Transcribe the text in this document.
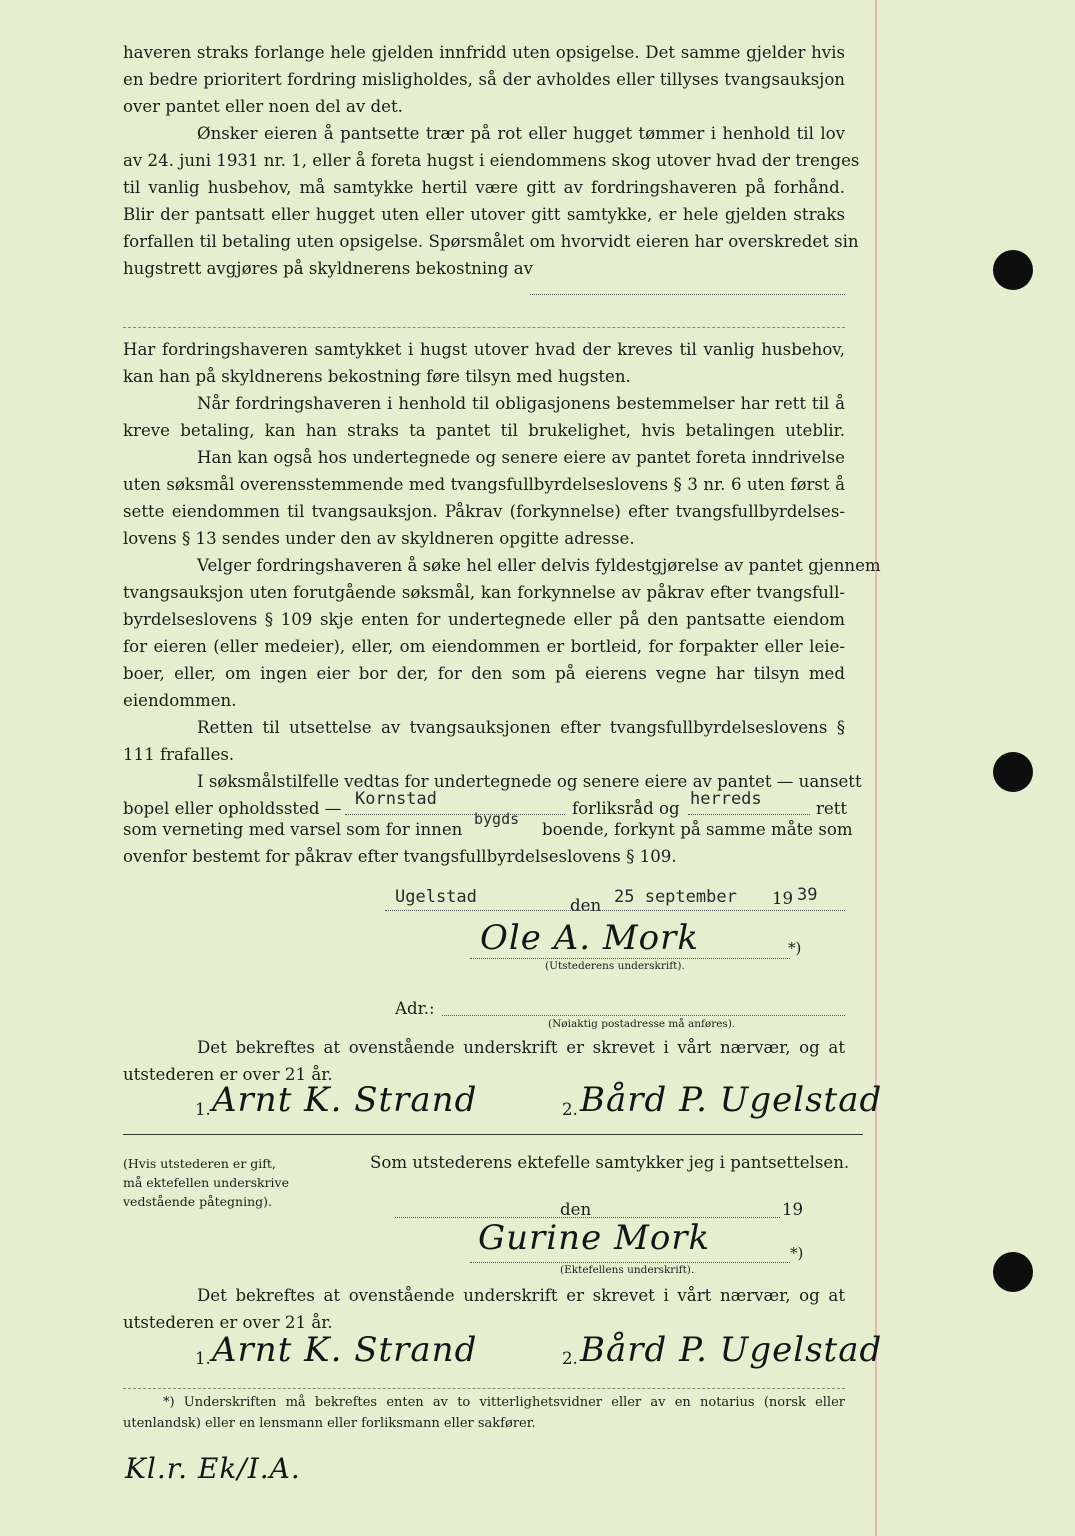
haveren straks forlange hele gjelden innfridd uten opsigelse. Det samme gjelder hvis
en bedre prioritert fordring misligholdes, så der avholdes eller tillyses tvangsauksjon
over pantet eller noen del av det.
Ønsker eieren å pantsette trær på rot eller hugget tømmer i henhold til lov
av 24. juni 1931 nr. 1, eller å foreta hugst i eiendommens skog utover hvad der trenges
til vanlig husbehov, må samtykke hertil være gitt av fordringshaveren på forhånd.
Blir der pantsatt eller hugget uten eller utover gitt samtykke, er hele gjelden straks
forfallen til betaling uten opsigelse. Spørsmålet om hvorvidt eieren har overskredet sin
hugstrett avgjøres på skyldnerens bekostning av
Har fordringshaveren samtykket i hugst utover hvad der kreves til vanlig husbehov,
kan han på skyldnerens bekostning føre tilsyn med hugsten.
Når fordringshaveren i henhold til obligasjonens bestemmelser har rett til å
kreve betaling, kan han straks ta pantet til brukelighet, hvis betalingen uteblir.
Han kan også hos undertegnede og senere eiere av pantet foreta inndrivelse
uten søksmål overensstemmende med tvangsfullbyrdelseslovens § 3 nr. 6 uten først å
sette eiendommen til tvangsauksjon. Påkrav (forkynnelse) efter tvangsfullbyrdelses-
lovens § 13 sendes under den av skyldneren opgitte adresse.
Velger fordringshaveren å søke hel eller delvis fyldestgjørelse av pantet gjennem
tvangsauksjon uten forutgående søksmål, kan forkynnelse av påkrav efter tvangsfull-
byrdelseslovens § 109 skje enten for undertegnede eller på den pantsatte eiendom
for eieren (eller medeier), eller, om eiendommen er bortleid, for forpakter eller leie-
boer, eller, om ingen eier bor der, for den som på eierens vegne har tilsyn med
eiendommen.
Retten til utsettelse av tvangsauksjonen efter tvangsfullbyrdelseslovens §
111 frafalles.
I søksmålstilfelle vedtas for undertegnede og senere eiere av pantet — uansett
bopel eller opholdssted — Kornstad	forliksråd og herreds	rett
som verneting med varsel som for innen
bygds
boende, forkynt på samme måte som
ovenfor bestemt for påkrav efter tvangsfullbyrdelseslovens § 109.
Ugelstad	den 25 september 19 39
Ole A. Mork	*)
(Utstederens underskrift).
Adr.:
(Nøiaktig postadresse må anføres).
Det bekreftes at ovenstående underskrift er skrevet i vårt nærvær, og at
utstederen er over 21 år.
1. Arnt K. Strand	2. Bård P. Ugelstad
(Hvis utstederen er gift,
må ektefellen underskrive
vedstående påtegning).
Som utstederens ektefelle samtykker jeg i pantsettelsen.
den	19
Gurine Mork	*)
(Ektefellens underskrift).
Det bekreftes at ovenstående underskrift er skrevet i vårt nærvær, og at
utstederen er over 21 år.
1. Arnt K. Strand	2. Bård P. Ugelstad
*) Underskriften må bekreftes enten av to vitterlighetsvidner eller av en notarius (norsk eller
utenlandsk) eller en lensmann eller forliksmann eller sakfører.
Kl.r. Ek/I.A.
